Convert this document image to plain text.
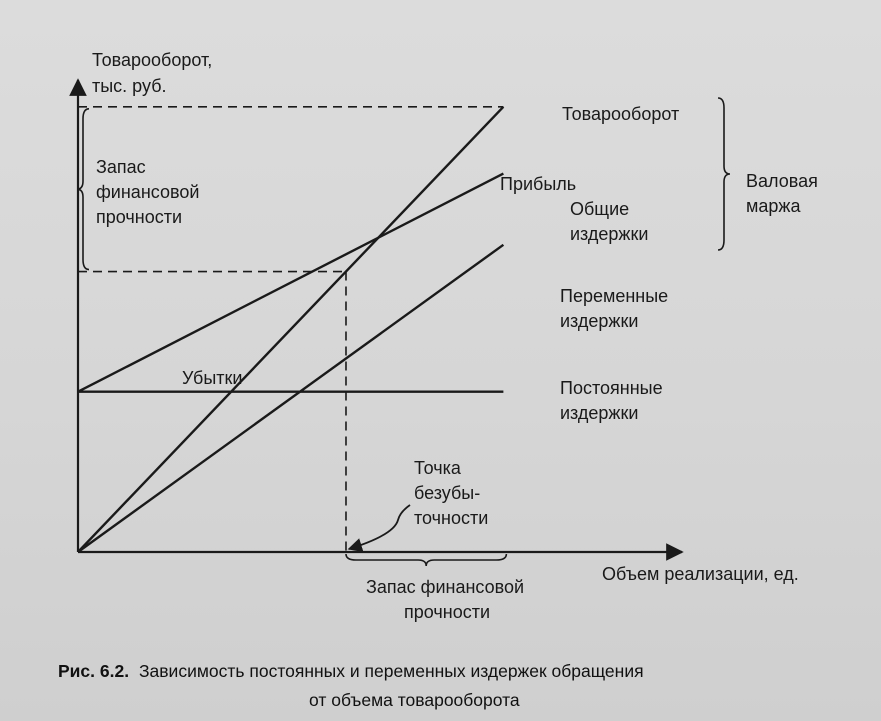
Товарооборот,
тыс. руб.
Объем реализации, ед.
Товарооборот
Прибыль
Общие
издержки
Переменные
издержки
Постоянные
издержки
Убытки
Валовая
маржа
Запас
финансовой
прочности
Точка
безубы-
точности
Запас финансовой
прочности
Рис. 6.2. Зависимость постоянных и переменных издержек обращения
от объема товарооборота
